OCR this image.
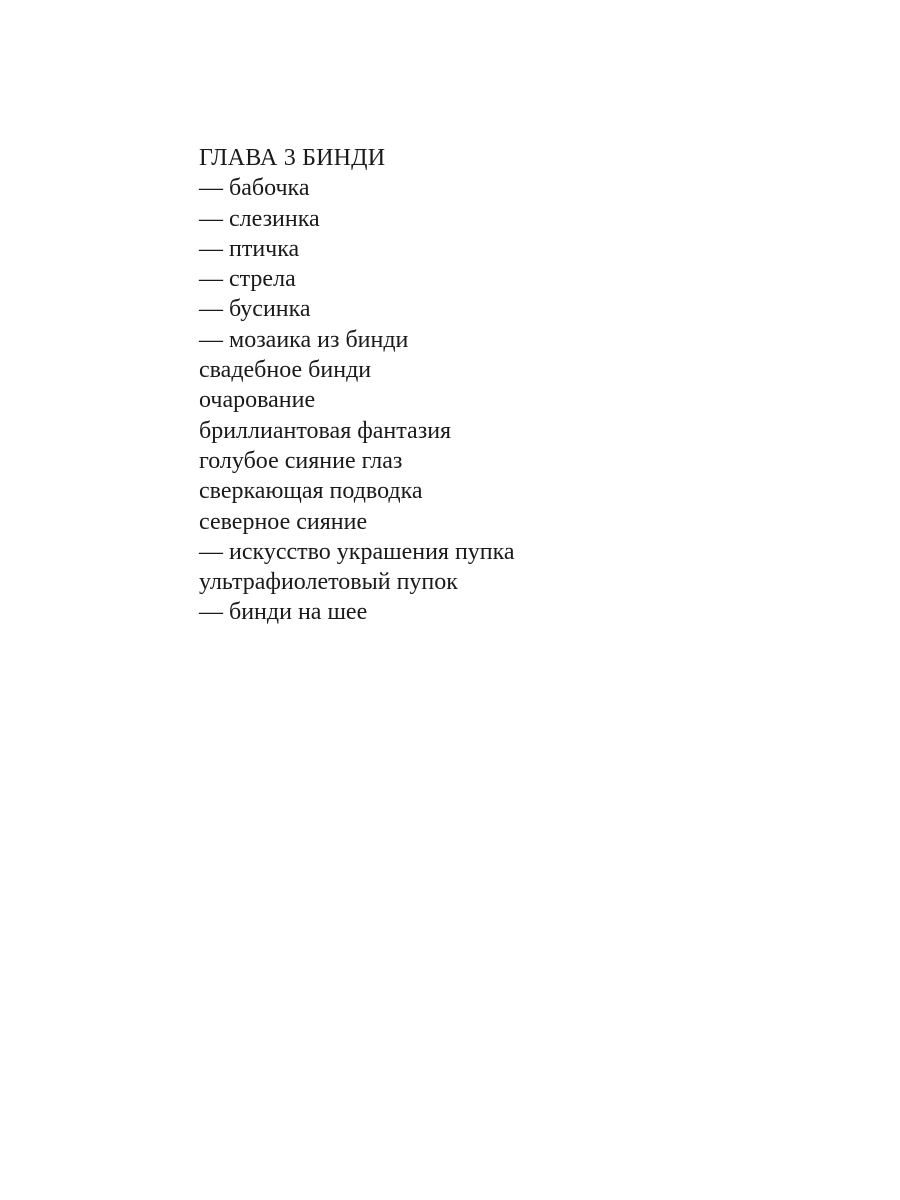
ГЛАВА 3 БИНДИ
— бабочка
— слезинка
— птичка
— стрела
— бусинка
— мозаика из бинди
свадебное бинди
очарование
бриллиантовая фантазия
голубое сияние глаз
сверкающая подводка
северное сияние
— искусство украшения пупка
ультрафиолетовый пупок
— бинди на шее
